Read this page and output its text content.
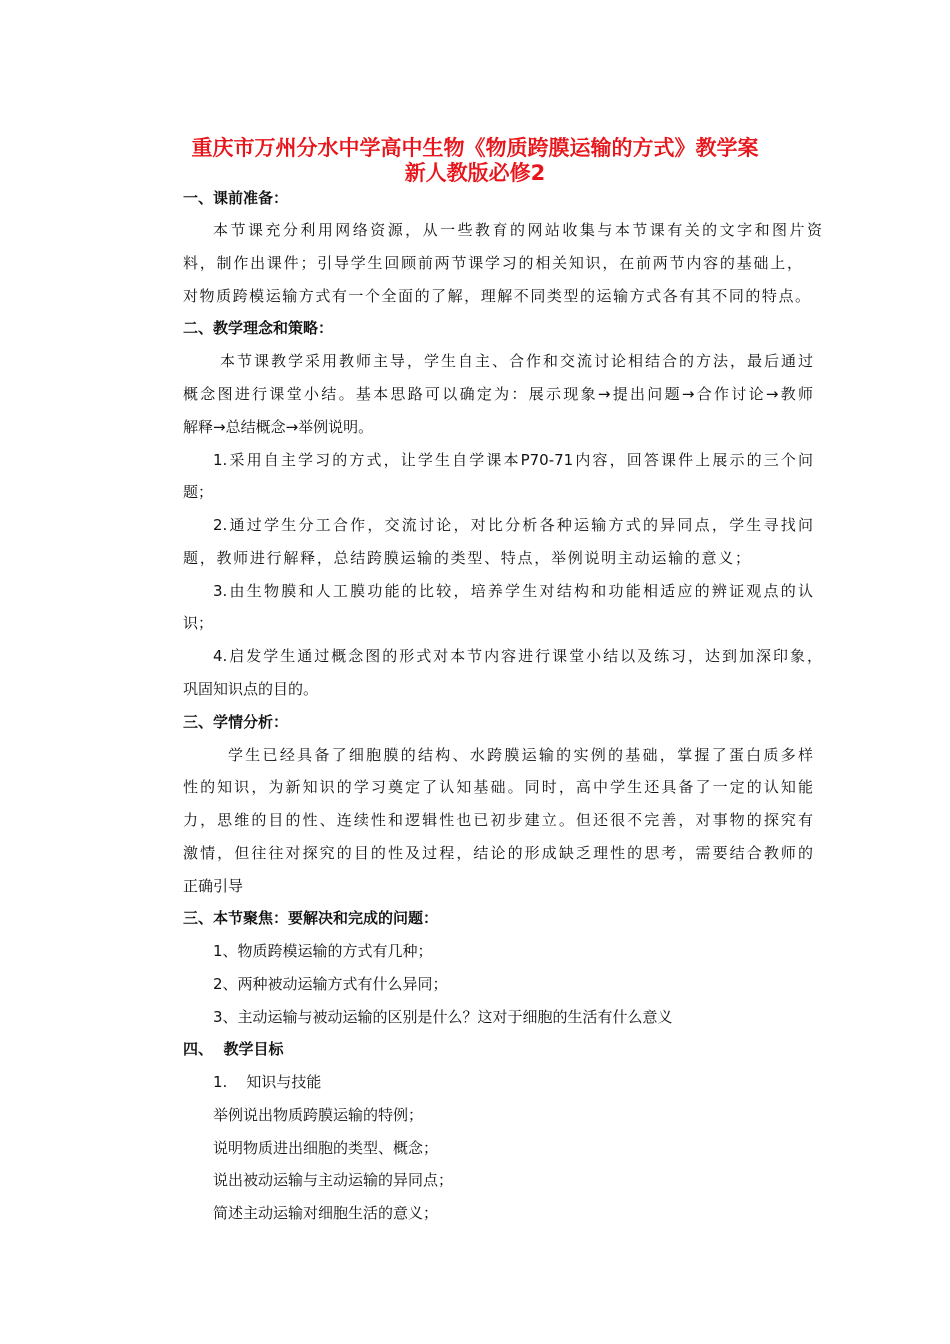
重庆市万州分水中学高中生物《物质跨膜运输的方式》教学案
新人教版必修2
一、课前准备：
本节课充分利用网络资源，从一些教育的网站收集与本节课有关的文字和图片资
料，制作出课件；引导学生回顾前两节课学习的相关知识，在前两节内容的基础上，
对物质跨模运输方式有一个全面的了解，理解不同类型的运输方式各有其不同的特点。
二、教学理念和策略：
本节课教学采用教师主导，学生自主、合作和交流讨论相结合的方法，最后通过
概念图进行课堂小结。基本思路可以确定为：展示现象→提出问题→合作讨论→教师
解释→总结概念→举例说明。
1.采用自主学习的方式，让学生自学课本P70-71内容，回答课件上展示的三个问
题；
2.通过学生分工合作，交流讨论，对比分析各种运输方式的异同点，学生寻找问
题，教师进行解释，总结跨膜运输的类型、特点，举例说明主动运输的意义；
3.由生物膜和人工膜功能的比较，培养学生对结构和功能相适应的辨证观点的认
识；
4.启发学生通过概念图的形式对本节内容进行课堂小结以及练习，达到加深印象，
巩固知识点的目的。
三、学情分析：
学生已经具备了细胞膜的结构、水跨膜运输的实例的基础，掌握了蛋白质多样
性的知识，为新知识的学习奠定了认知基础。同时，高中学生还具备了一定的认知能
力，思维的目的性、连续性和逻辑性也已初步建立。但还很不完善，对事物的探究有
激情，但往往对探究的目的性及过程，结论的形成缺乏理性的思考，需要结合教师的
正确引导
三、本节聚焦：要解决和完成的问题：
1、物质跨模运输的方式有几种；
2、两种被动运输方式有什么异同；
3、主动运输与被动运输的区别是什么？这对于细胞的生活有什么意义
四、  教学目标
1.    知识与技能
举例说出物质跨膜运输的特例；
说明物质进出细胞的类型、概念；
说出被动运输与主动运输的异同点；
简述主动运输对细胞生活的意义；
